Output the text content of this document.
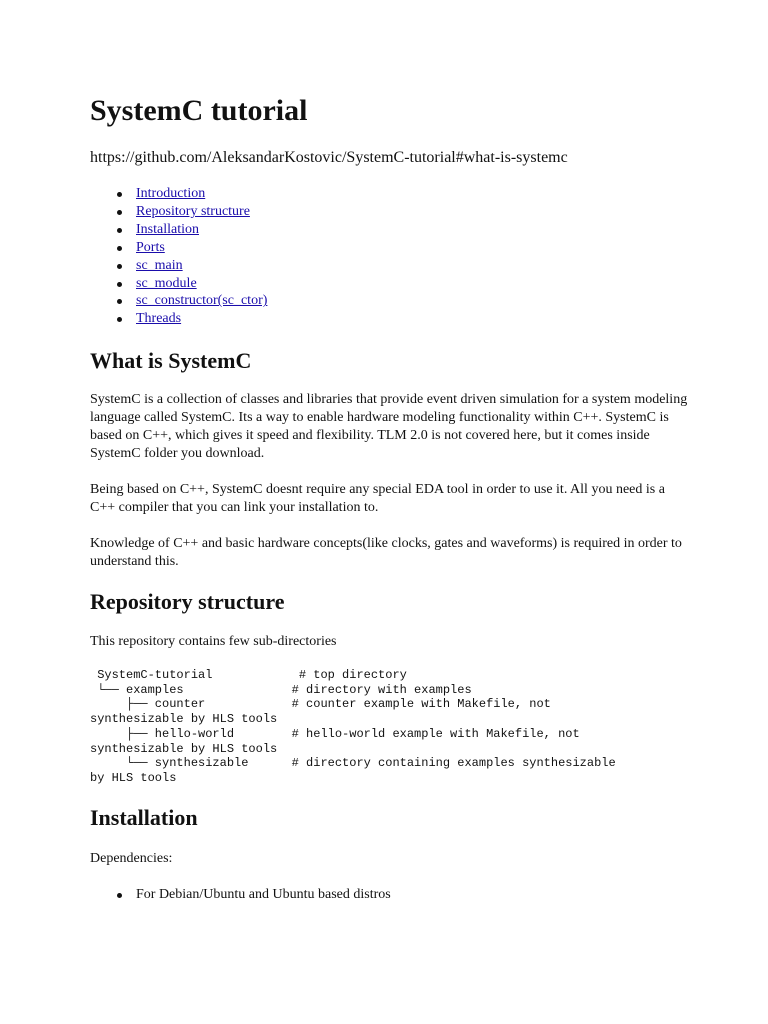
SystemC tutorial

https://github.com/AleksandarKostovic/SystemC-tutorial#what-is-systemc

Introduction
Repository structure
Installation
Ports
sc_main
sc_module
sc_constructor(sc_ctor)
Threads
What is SystemC

SystemC is a collection of classes and libraries that provide event driven simulation for a system modeling language called SystemC. Its a way to enable hardware modeling functionality within C++. SystemC is based on C++, which gives it speed and flexibility. TLM 2.0 is not covered here, but it comes inside SystemC folder you download.

Being based on C++, SystemC doesnt require any special EDA tool in order to use it. All you need is a C++ compiler that you can link your installation to.

Knowledge of C++ and basic hardware concepts(like clocks, gates and waveforms) is required in order to understand this.

Repository structure

This repository contains few sub-directories

SystemC-tutorial            # top directory
└── examples               # directory with examples
├── counter            # counter example with Makefile, not
synthesizable by HLS tools
├── hello-world        # hello-world example with Makefile, not
synthesizable by HLS tools
└── synthesizable      # directory containing examples synthesizable
by HLS tools
Installation

Dependencies:

For Debian/Ubuntu and Ubuntu based distros
